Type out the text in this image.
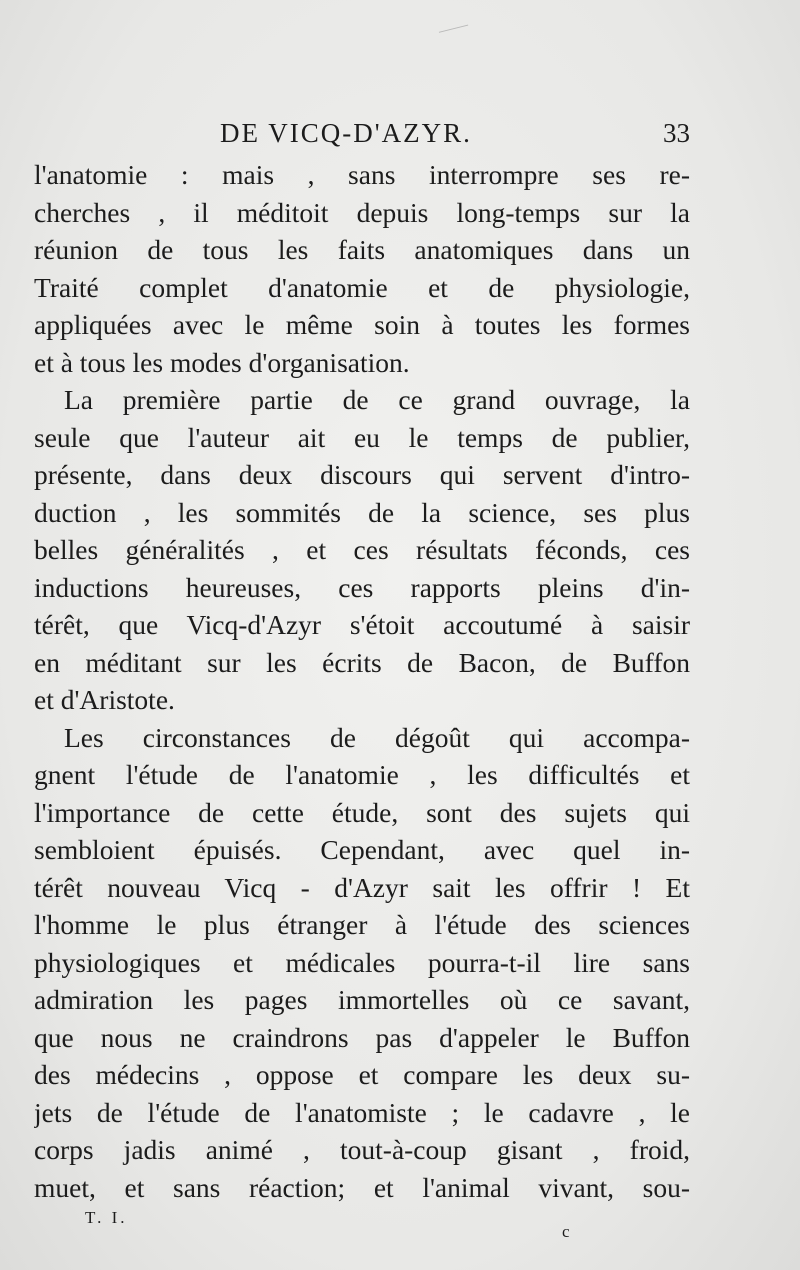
DE VICQ-D'AZYR.	33
l'anatomie : mais , sans interrompre ses re-
cherches , il méditoit depuis long-temps sur la
réunion de tous les faits anatomiques dans un
Traité complet d'anatomie et de physiologie,
appliquées avec le même soin à toutes les formes
et à tous les modes d'organisation.
La première partie de ce grand ouvrage, la
seule que l'auteur ait eu le temps de publier,
présente, dans deux discours qui servent d'intro-
duction , les sommités de la science, ses plus
belles généralités , et ces résultats féconds, ces
inductions heureuses, ces rapports pleins d'in-
térêt, que Vicq-d'Azyr s'étoit accoutumé à saisir
en méditant sur les écrits de Bacon, de Buffon
et d'Aristote.
Les circonstances de dégoût qui accompa-
gnent l'étude de l'anatomie , les difficultés et
l'importance de cette étude, sont des sujets qui
sembloient épuisés. Cependant, avec quel in-
térêt nouveau Vicq - d'Azyr sait les offrir ! Et
l'homme le plus étranger à l'étude des sciences
physiologiques et médicales pourra-t-il lire sans
admiration les pages immortelles où ce savant,
que nous ne craindrons pas d'appeler le Buffon
des médecins , oppose et compare les deux su-
jets de l'étude de l'anatomiste ; le cadavre , le
corps jadis animé , tout-à-coup gisant , froid,
muet, et sans réaction; et l'animal vivant, sou-
T. I.
c
